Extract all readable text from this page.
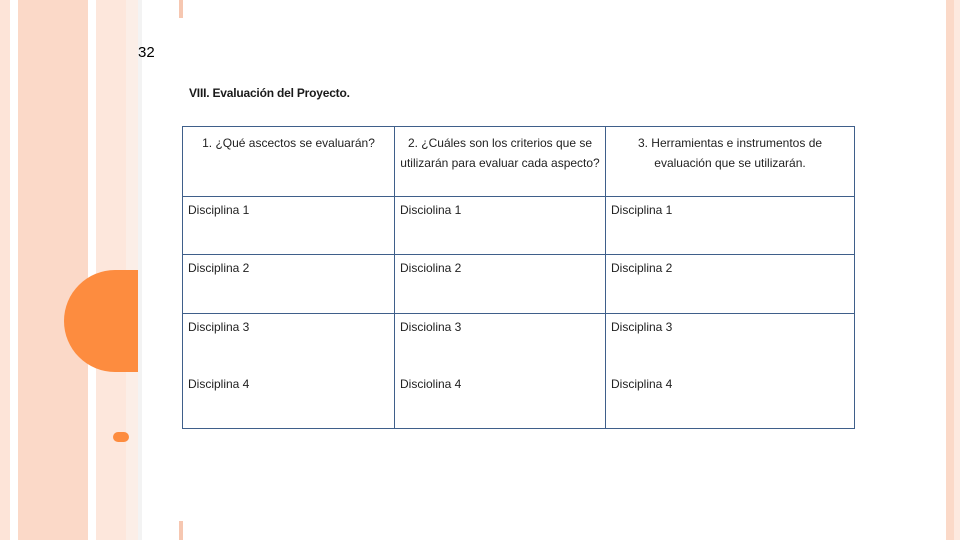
32
VIII. Evaluación del Proyecto.
1. ¿Qué ascectos se evaluarán?	2. ¿Cuáles son los criterios que se utilizarán para evaluar cada aspecto?	3. Herramientas e instrumentos de evaluación que se utilizarán.
Disciplina 1	Disciolina 1	Disciplina 1
Disciplina 2	Disciolina 2	Disciplina 2
Disciplina 3	Disciolina 3	Disciplina 3
Disciplina 4	Disciolina 4	Disciplina 4
